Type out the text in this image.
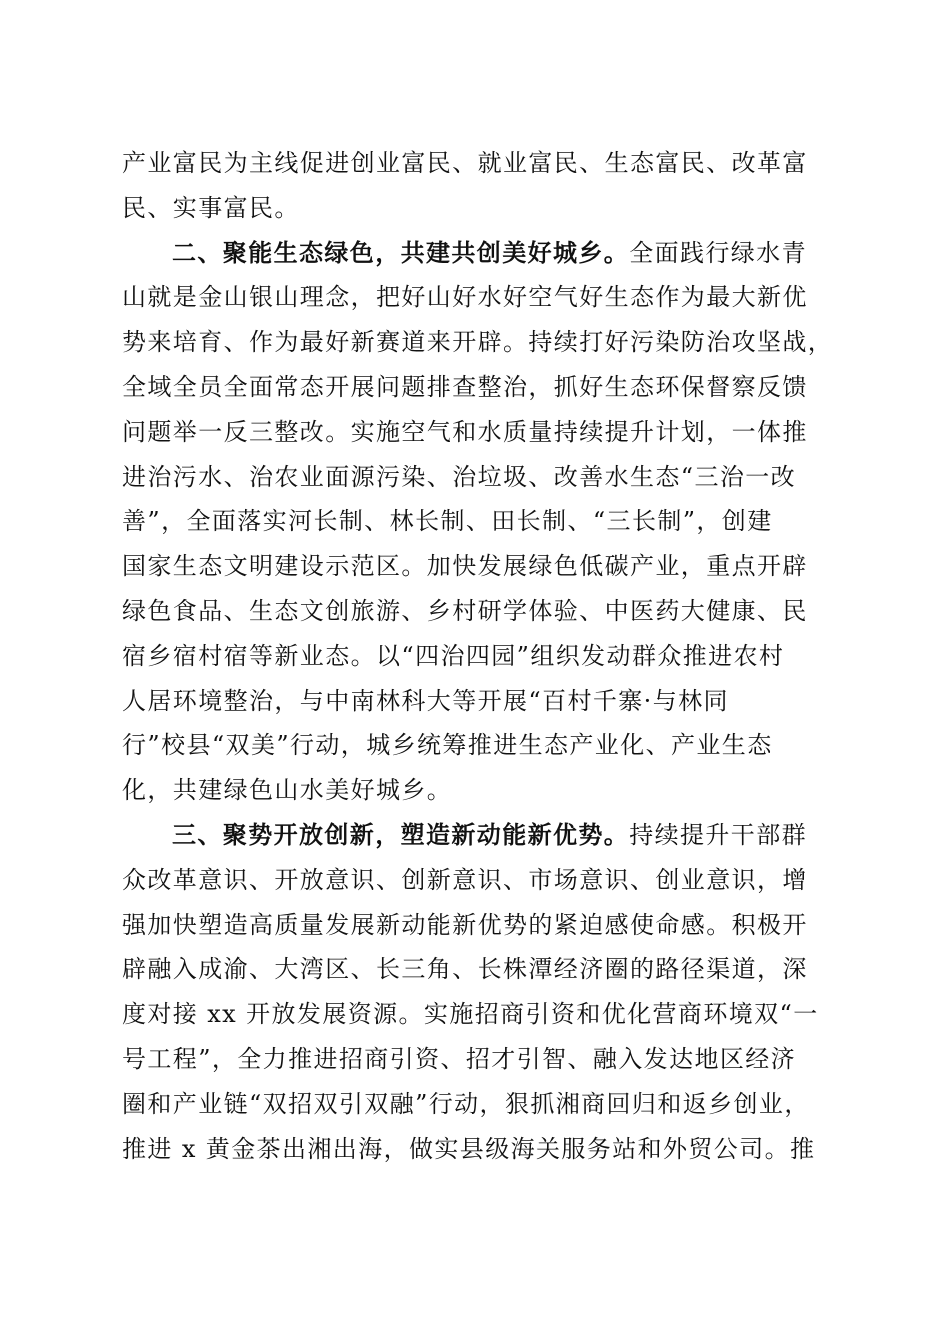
产业富民为主线促进创业富民、就业富民、生态富民、改革富
民、实事富民。
二、聚能生态绿色，共建共创美好城乡。全面践行绿水青
山就是金山银山理念，把好山好水好空气好生态作为最大新优
势来培育、作为最好新赛道来开辟。持续打好污染防治攻坚战，
全域全员全面常态开展问题排查整治，抓好生态环保督察反馈
问题举一反三整改。实施空气和水质量持续提升计划，一体推
进治污水、治农业面源污染、治垃圾、改善水生态“三治一改
善”，全面落实河长制、林长制、田长制、“三长制”，创建
国家生态文明建设示范区。加快发展绿色低碳产业，重点开辟
绿色食品、生态文创旅游、乡村研学体验、中医药大健康、民
宿乡宿村宿等新业态。以“四治四园”组织发动群众推进农村
人居环境整治，与中南林科大等开展“百村千寨·与林同
行”校县“双美”行动，城乡统筹推进生态产业化、产业生态
化，共建绿色山水美好城乡。
三、聚势开放创新，塑造新动能新优势。持续提升干部群
众改革意识、开放意识、创新意识、市场意识、创业意识，增
强加快塑造高质量发展新动能新优势的紧迫感使命感。积极开
辟融入成渝、大湾区、长三角、长株潭经济圈的路径渠道，深
度对接 xx 开放发展资源。实施招商引资和优化营商环境双“一
号工程”，全力推进招商引资、招才引智、融入发达地区经济
圈和产业链“双招双引双融”行动，狠抓湘商回归和返乡创业，
推进 x 黄金茶出湘出海，做实县级海关服务站和外贸公司。推
